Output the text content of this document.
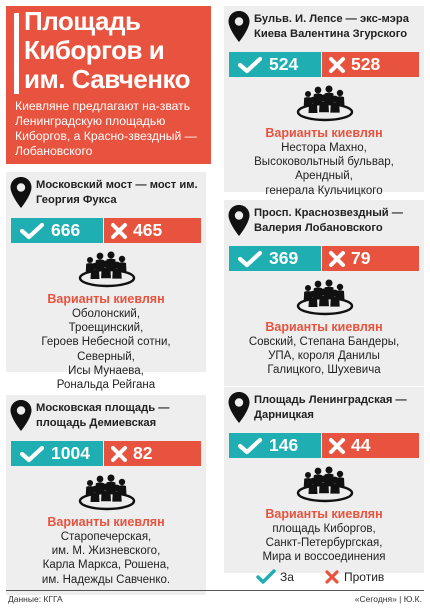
Площадь Киборгов и им. Савченко
Киевляне предлагают на-звать Ленинградскую площадью Киборгов, а Красно-звездный — Лобановского
Московский мост — мост им. Георгия Фукса
666	465
Варианты киевлян
Оболонский,
Троещинский,
Героев Небесной сотни,
Северный,
Исы Мунаева,
Рональда Рейгана
Московская площадь — площадь Демиевская
1004 82
Варианты киевлян
Старопечерская,
им. М. Жизневского,
Карла Маркса, Рошена,
им. Надежды Савченко.
Бульв. И. Лепсе — экс-мэра Киева Валентина Згурского
524	528
Варианты киевлян
Нестора Махно,
Высоковольтный бульвар,
Арендный,
генерала Кульчицкого
Просп. Краснозвездный — Валерия Лобановского
369	79
Варианты киевлян
Совский, Степана Бандеры,
УПА, короля Данилы
Галицкого, Шухевича
Площадь Ленинградская — Дарницкая
146	44
Варианты киевлян
площадь Киборгов,
Санкт-Петербургская,
Мира и воссоединения
За	Против
Данные: КГГА	«Сегодня» | Ю.К.
